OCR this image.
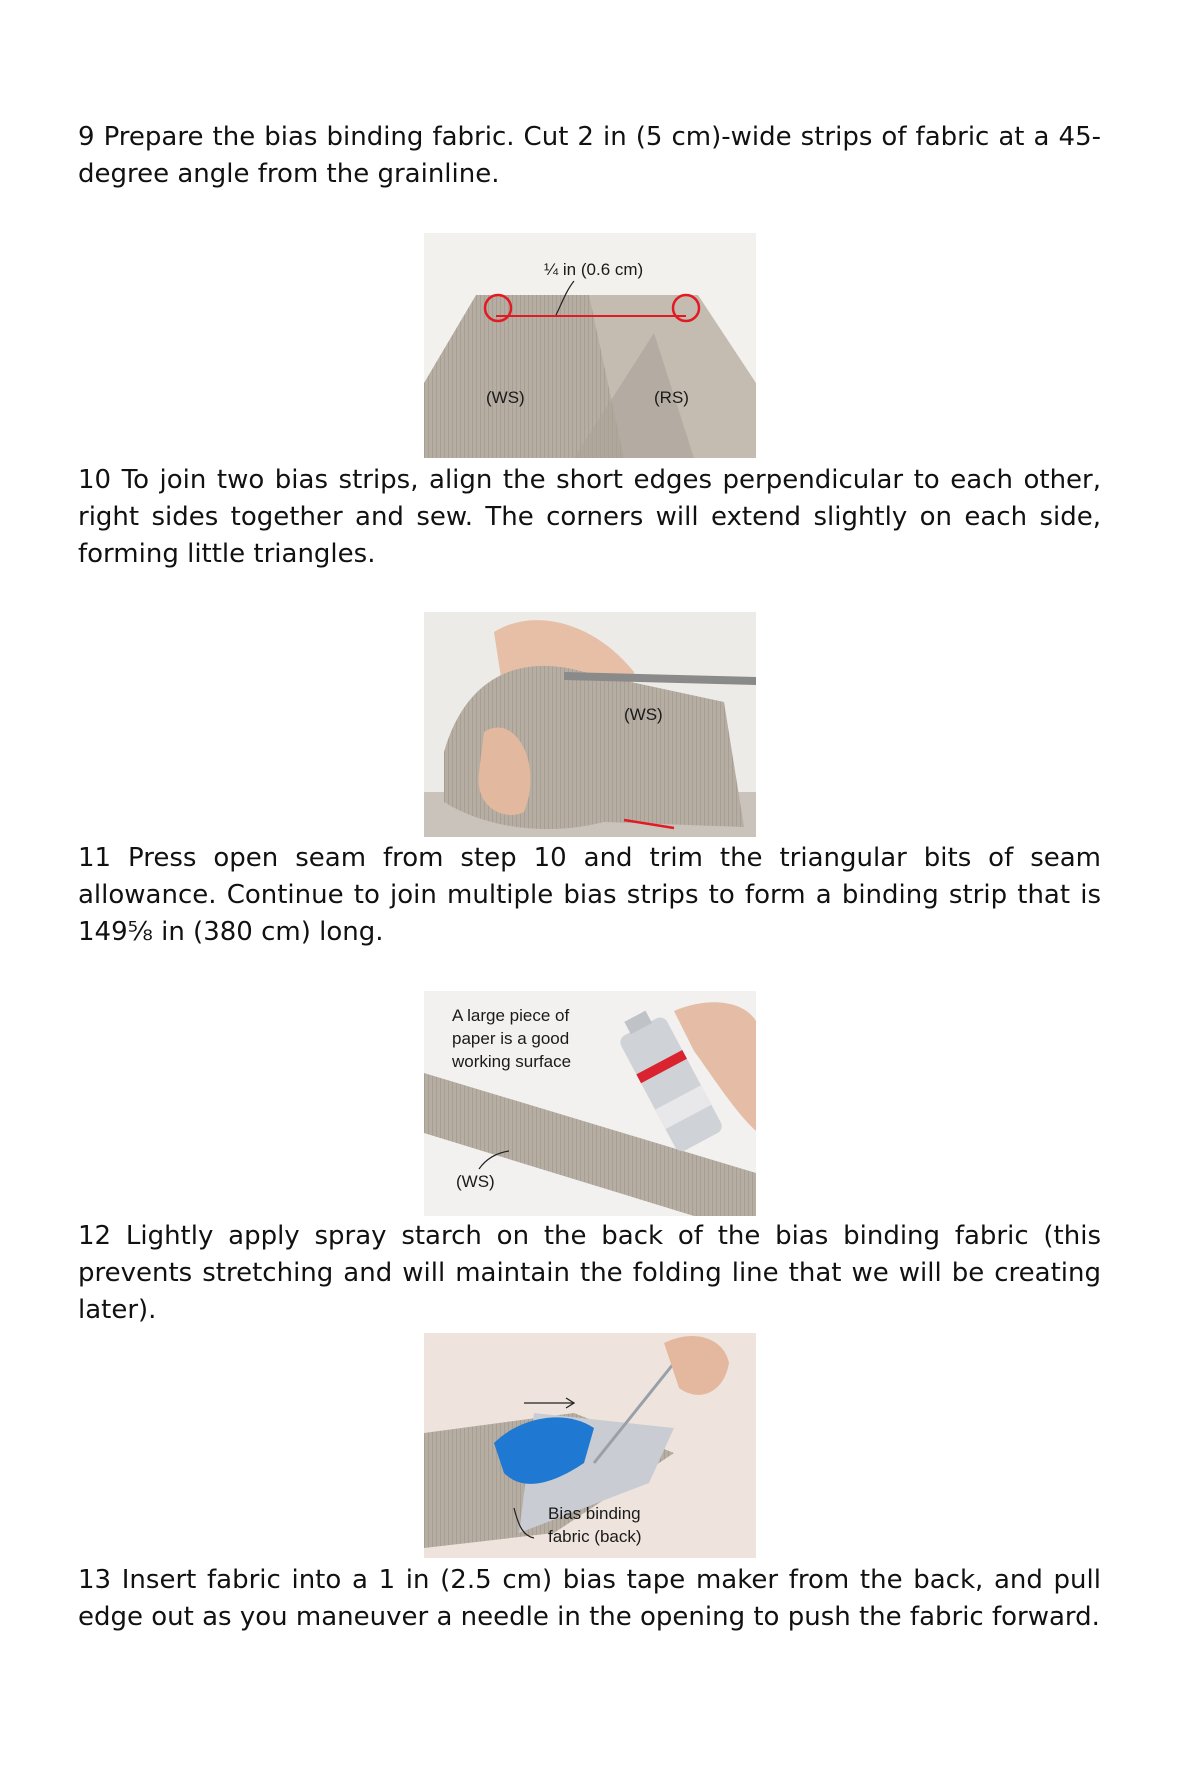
9 Prepare the bias binding fabric. Cut 2 in (5 cm)-wide strips of fabric at a 45-degree angle from the grainline.

¼ in (0.6 cm)
(WS)	(RS)

10 To join two bias strips, align the short edges perpendicular to each other, right sides together and sew. The corners will extend slightly on each side, forming little triangles.

(WS)

11 Press open seam from step 10 and trim the triangular bits of seam allowance. Continue to join multiple bias strips to form a binding strip that is 149⅝ in (380 cm) long.

A large piece of
paper is a good
working surface
(WS)

12 Lightly apply spray starch on the back of the bias binding fabric (this prevents stretching and will maintain the folding line that we will be creating later).

Bias binding
fabric (back)

13 Insert fabric into a 1 in (2.5 cm) bias tape maker from the back, and pull edge out as you maneuver a needle in the opening to push the fabric forward.
